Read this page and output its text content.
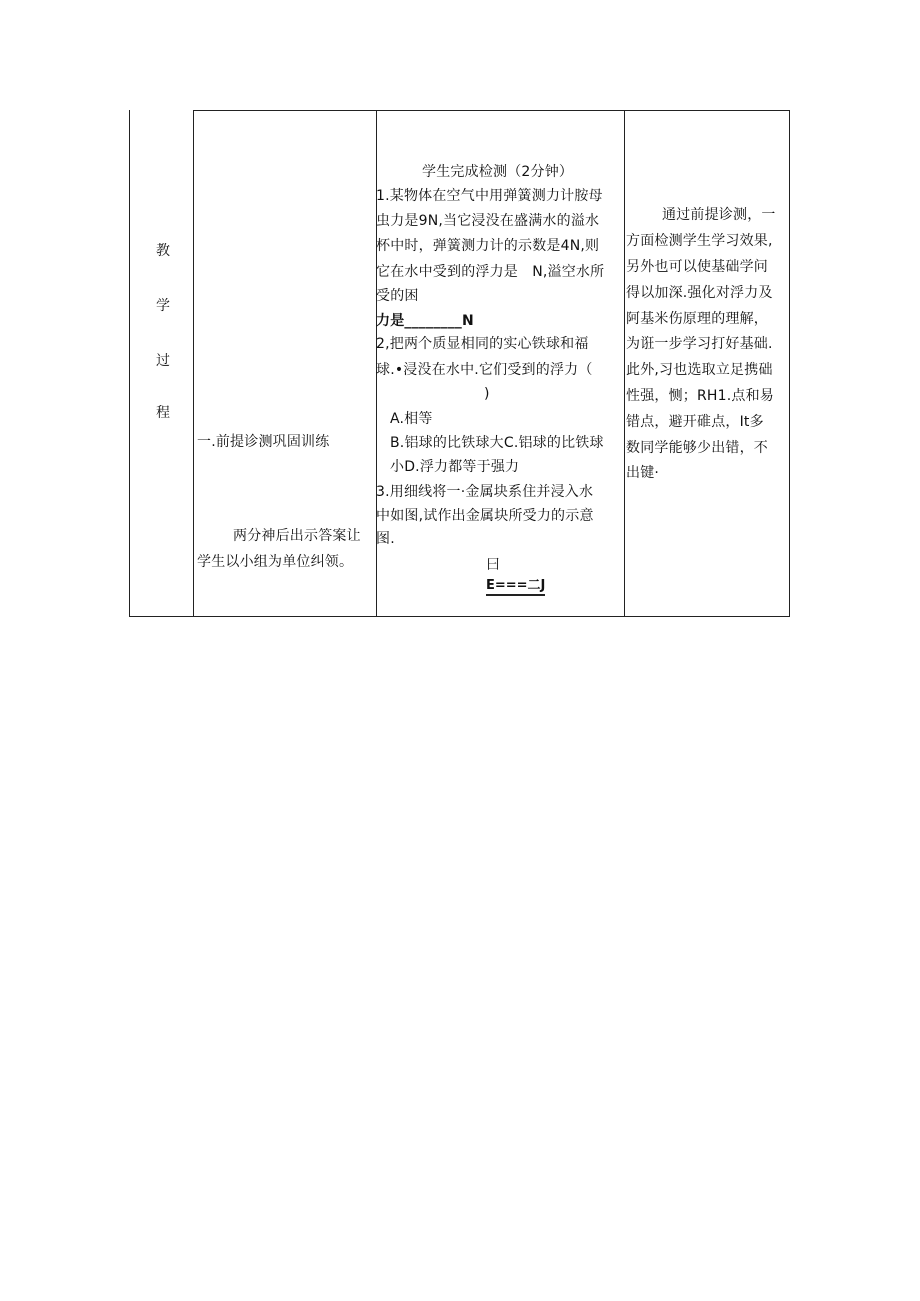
教
学
过
程
一.前提诊测巩固训练
两分神后出示答案让
学生以小组为单位纠领。
学生完成检测（2分钟）
1.某物体在空气中用弹簧测力计胺母
虫力是9N,当它浸没在盛满水的溢水
杯中时，弹簧测力计的示数是4N,则
它在水中受到的浮力是　N,溢空水所
受的困
力是________N
2,把两个质显相同的实心铁球和福
球.•浸没在水中.它们受到的浮力（
)
A.相等
B.铝球的比铁球大C.铝球的比铁球
小D.浮力都等于强力
3.用细线将一·金属块系住并浸入水
中如图,试作出金属块所受力的示意
图.
曰
E===二J
通过前提诊测，一
方面检测学生学习效果,
另外也可以使基础学问
得以加深.强化对浮力及
阿基米伤原理的理解，
为诳一步学习打好基础.
此外,习也选取立足携础
性强，恻；RH1.点和易
错点，避开碓点，It多
数同学能够少出错，不
出键·
